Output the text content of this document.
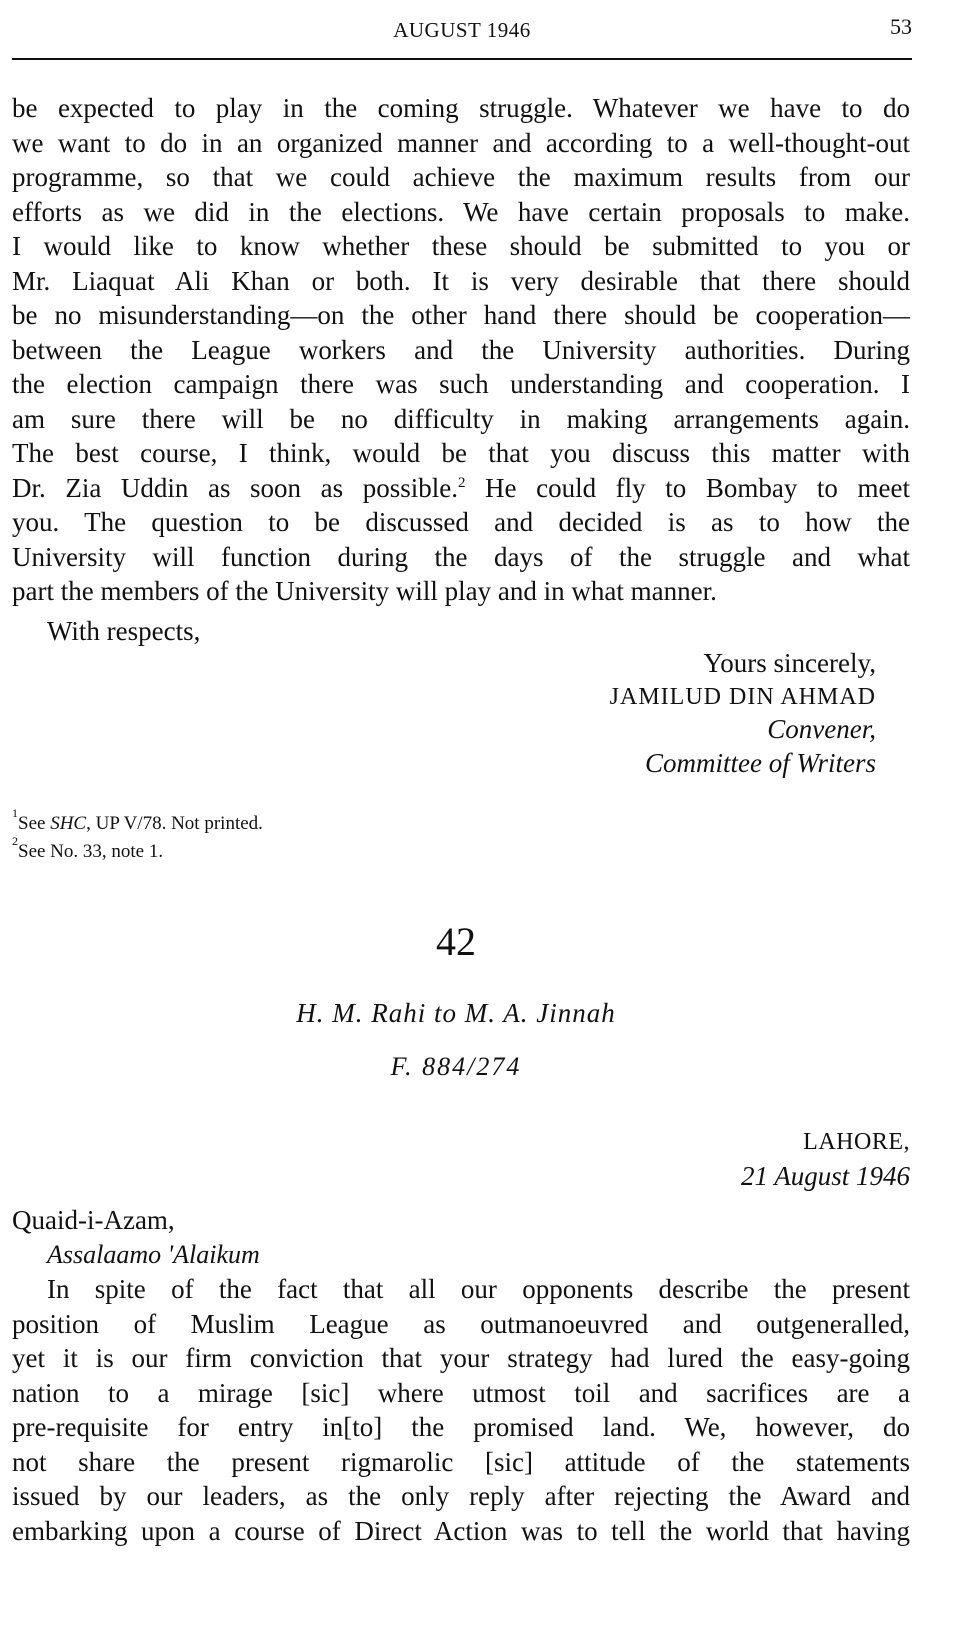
AUGUST 1946	53
be expected to play in the coming struggle. Whatever we have to do
we want to do in an organized manner and according to a well-thought-out
programme, so that we could achieve the maximum results from our
efforts as we did in the elections. We have certain proposals to make.
I would like to know whether these should be submitted to you or
Mr. Liaquat Ali Khan or both. It is very desirable that there should
be no misunderstanding—on the other hand there should be cooperation—
between the League workers and the University authorities. During
the election campaign there was such understanding and cooperation. I
am sure there will be no difficulty in making arrangements again.
The best course, I think, would be that you discuss this matter with
Dr. Zia Uddin as soon as possible.$^2$ He could fly to Bombay to meet
you. The question to be discussed and decided is as to how the
University will function during the days of the struggle and what
part the members of the University will play and in what manner.

With respects,

Yours sincerely,

JAMILUD DIN AHMAD

Convener,

Committee of Writers

$^1$See SHC, UP V/78. Not printed.

$^2$See No. 33, note 1.

42

H. M. Rahi to M. A. Jinnah

F. 884/274

LAHORE,

21 August 1946

Quaid-i-Azam,

Assalaamo 'Alaikum

In spite of the fact that all our opponents describe the present
position of Muslim League as outmanoeuvred and outgeneralled,
yet it is our firm conviction that your strategy had lured the easy-going
nation to a mirage [sic] where utmost toil and sacrifices are a
pre-requisite for entry in[to] the promised land. We, however, do
not share the present rigmarolic [sic] attitude of the statements
issued by our leaders, as the only reply after rejecting the Award and
embarking upon a course of Direct Action was to tell the world that having
